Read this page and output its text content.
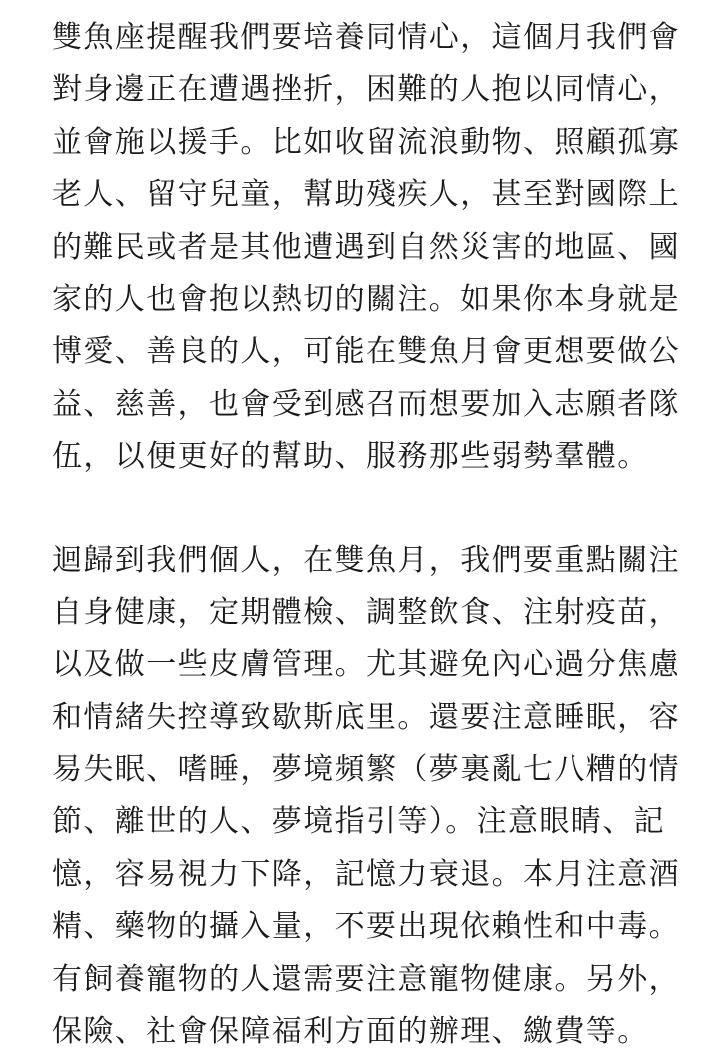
雙魚座提醒我們要培養同情心，這個月我們會
對身邊正在遭遇挫折，困難的人抱以同情心，
並會施以援手。比如收留流浪動物、照顧孤寡
老人、留守兒童，幫助殘疾人，甚至對國際上
的難民或者是其他遭遇到自然災害的地區、國
家的人也會抱以熱切的關注。如果你本身就是
博愛、善良的人，可能在雙魚月會更想要做公
益、慈善，也會受到感召而想要加入志願者隊
伍，以便更好的幫助、服務那些弱勢羣體。
迴歸到我們個人，在雙魚月，我們要重點關注
自身健康，定期體檢、調整飲食、注射疫苗，
以及做一些皮膚管理。尤其避免內心過分焦慮
和情緒失控導致歇斯底里。還要注意睡眠，容
易失眠、嗜睡，夢境頻繁（夢裏亂七八糟的情
節、離世的人、夢境指引等）。注意眼睛、記
憶，容易視力下降，記憶力衰退。本月注意酒
精、藥物的攝入量，不要出現依賴性和中毒。
有飼養寵物的人還需要注意寵物健康。另外，
保險、社會保障福利方面的辦理、繳費等。
